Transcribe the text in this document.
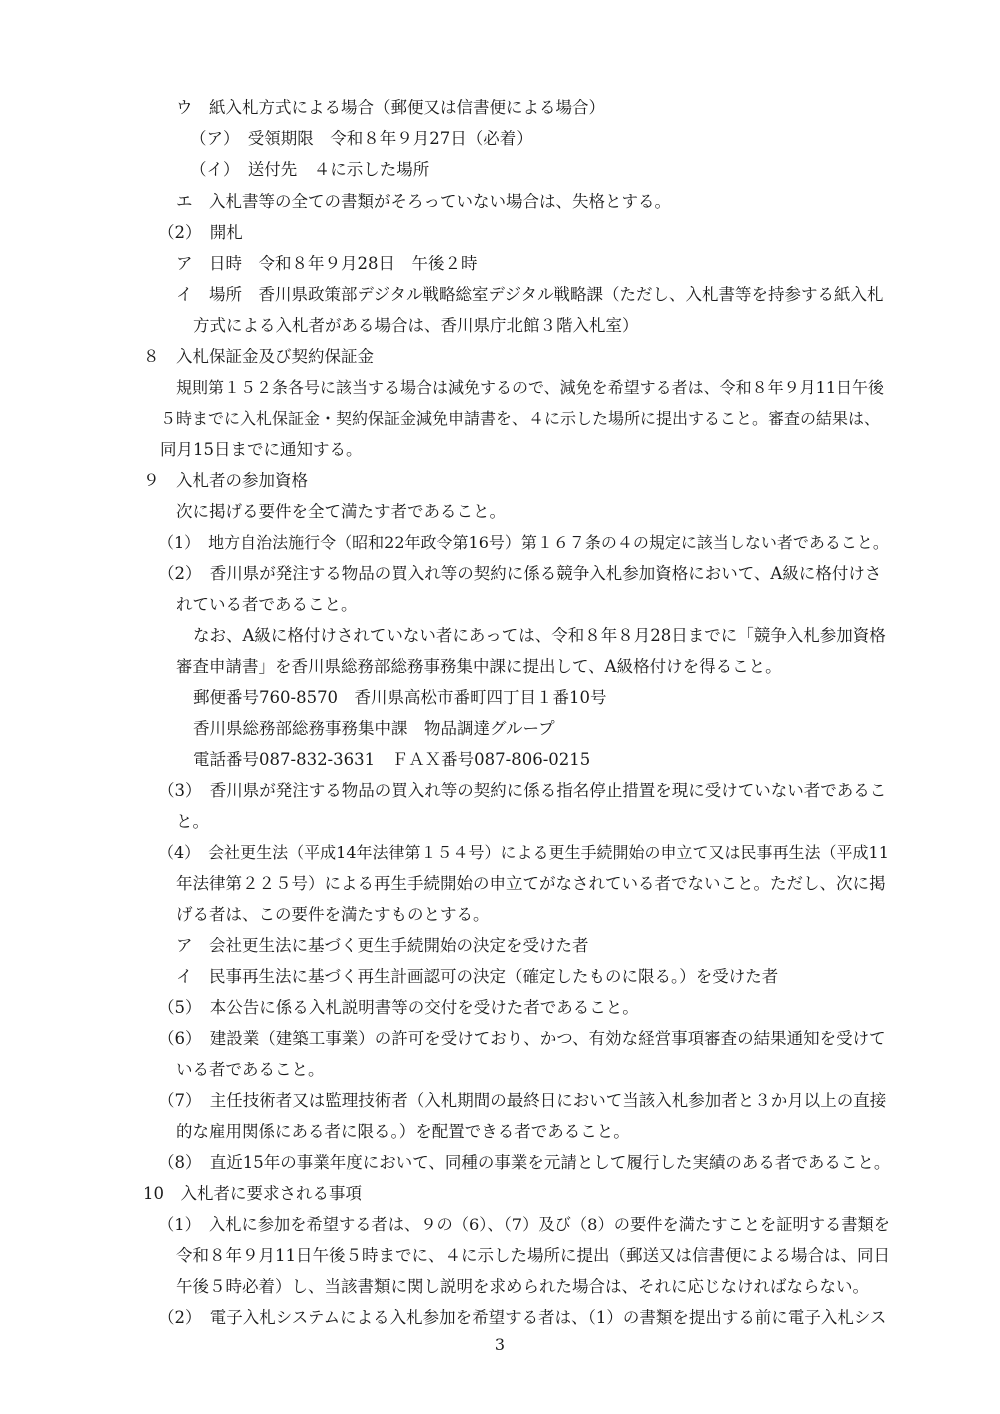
ウ　紙入札方式による場合（郵便又は信書便による場合）
（ア）　受領期限　令和８年９月27日（必着）
（イ）　送付先　４に示した場所
エ　入札書等の全ての書類がそろっていない場合は、失格とする。
（2）　開札
ア　日時　令和８年９月28日　午後２時
イ　場所　香川県政策部デジタル戦略総室デジタル戦略課（ただし、入札書等を持参する紙入札
方式による入札者がある場合は、香川県庁北館３階入札室）
８　入札保証金及び契約保証金
規則第１５２条各号に該当する場合は減免するので、減免を希望する者は、令和８年９月11日午後
５時までに入札保証金・契約保証金減免申請書を、４に示した場所に提出すること。審査の結果は、
同月15日までに通知する。
９　入札者の参加資格
次に掲げる要件を全て満たす者であること。
（1）　地方自治法施行令（昭和22年政令第16号）第１６７条の４の規定に該当しない者であること。
（2）　香川県が発注する物品の買入れ等の契約に係る競争入札参加資格において、A級に格付けさ
れている者であること。
なお、A級に格付けされていない者にあっては、令和８年８月28日までに「競争入札参加資格
審査申請書」を香川県総務部総務事務集中課に提出して、A級格付けを得ること。
郵便番号760-8570　香川県高松市番町四丁目１番10号
香川県総務部総務事務集中課　物品調達グループ
電話番号087-832-3631　ＦＡＸ番号087-806-0215
（3）　香川県が発注する物品の買入れ等の契約に係る指名停止措置を現に受けていない者であるこ
と。
（4）　会社更生法（平成14年法律第１５４号）による更生手続開始の申立て又は民事再生法（平成11
年法律第２２５号）による再生手続開始の申立てがなされている者でないこと。ただし、次に掲
げる者は、この要件を満たすものとする。
ア　会社更生法に基づく更生手続開始の決定を受けた者
イ　民事再生法に基づく再生計画認可の決定（確定したものに限る。）を受けた者
（5）　本公告に係る入札説明書等の交付を受けた者であること。
（6）　建設業（建築工事業）の許可を受けており、かつ、有効な経営事項審査の結果通知を受けて
いる者であること。
（7）　主任技術者又は監理技術者（入札期間の最終日において当該入札参加者と３か月以上の直接
的な雇用関係にある者に限る。）を配置できる者であること。
（8）　直近15年の事業年度において、同種の事業を元請として履行した実績のある者であること。
10　入札者に要求される事項
（1）　入札に参加を希望する者は、９の（6）、（7）及び（8）の要件を満たすことを証明する書類を
令和８年９月11日午後５時までに、４に示した場所に提出（郵送又は信書便による場合は、同日
午後５時必着）し、当該書類に関し説明を求められた場合は、それに応じなければならない。
（2）　電子入札システムによる入札参加を希望する者は、（1）の書類を提出する前に電子入札シス
3
